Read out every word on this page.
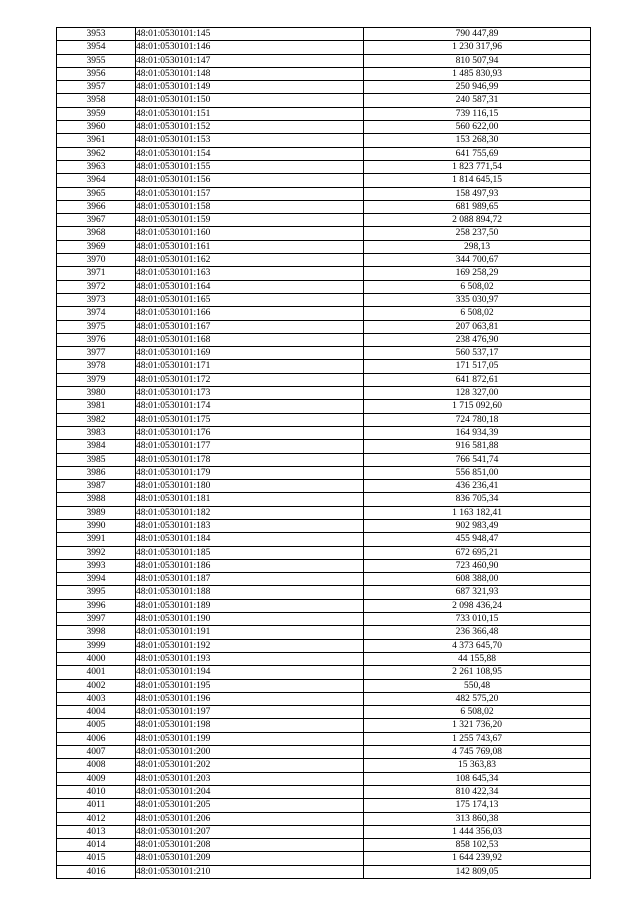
3953	48:01:0530101:145	790 447,89
3954	48:01:0530101:146	1 230 317,96
3955	48:01:0530101:147	810 507,94
3956	48:01:0530101:148	1 485 830,93
3957	48:01:0530101:149	250 946,99
3958	48:01:0530101:150	240 587,31
3959	48:01:0530101:151	739 116,15
3960	48:01:0530101:152	560 622,00
3961	48:01:0530101:153	153 268,30
3962	48:01:0530101:154	641 755,69
3963	48:01:0530101:155	1 823 771,54
3964	48:01:0530101:156	1 814 645,15
3965	48:01:0530101:157	158 497,93
3966	48:01:0530101:158	681 989,65
3967	48:01:0530101:159	2 088 894,72
3968	48:01:0530101:160	258 237,50
3969	48:01:0530101:161	298,13
3970	48:01:0530101:162	344 700,67
3971	48:01:0530101:163	169 258,29
3972	48:01:0530101:164	6 508,02
3973	48:01:0530101:165	335 030,97
3974	48:01:0530101:166	6 508,02
3975	48:01:0530101:167	207 063,81
3976	48:01:0530101:168	238 476,90
3977	48:01:0530101:169	560 537,17
3978	48:01:0530101:171	171 517,05
3979	48:01:0530101:172	641 872,61
3980	48:01:0530101:173	128 327,00
3981	48:01:0530101:174	1 715 092,60
3982	48:01:0530101:175	724 780,18
3983	48:01:0530101:176	164 934,39
3984	48:01:0530101:177	916 581,88
3985	48:01:0530101:178	766 541,74
3986	48:01:0530101:179	556 851,00
3987	48:01:0530101:180	436 236,41
3988	48:01:0530101:181	836 705,34
3989	48:01:0530101:182	1 163 182,41
3990	48:01:0530101:183	902 983,49
3991	48:01:0530101:184	455 948,47
3992	48:01:0530101:185	672 695,21
3993	48:01:0530101:186	723 460,90
3994	48:01:0530101:187	608 388,00
3995	48:01:0530101:188	687 321,93
3996	48:01:0530101:189	2 098 436,24
3997	48:01:0530101:190	733 010,15
3998	48:01:0530101:191	236 366,48
3999	48:01:0530101:192	4 373 645,70
4000	48:01:0530101:193	44 155,88
4001	48:01:0530101:194	2 261 108,95
4002	48:01:0530101:195	550,48
4003	48:01:0530101:196	482 575,20
4004	48:01:0530101:197	6 508,02
4005	48:01:0530101:198	1 321 736,20
4006	48:01:0530101:199	1 255 743,67
4007	48:01:0530101:200	4 745 769,08
4008	48:01:0530101:202	15 363,83
4009	48:01:0530101:203	108 645,34
4010	48:01:0530101:204	810 422,34
4011	48:01:0530101:205	175 174,13
4012	48:01:0530101:206	313 860,38
4013	48:01:0530101:207	1 444 356,03
4014	48:01:0530101:208	858 102,53
4015	48:01:0530101:209	1 644 239,92
4016	48:01:0530101:210	142 809,05
